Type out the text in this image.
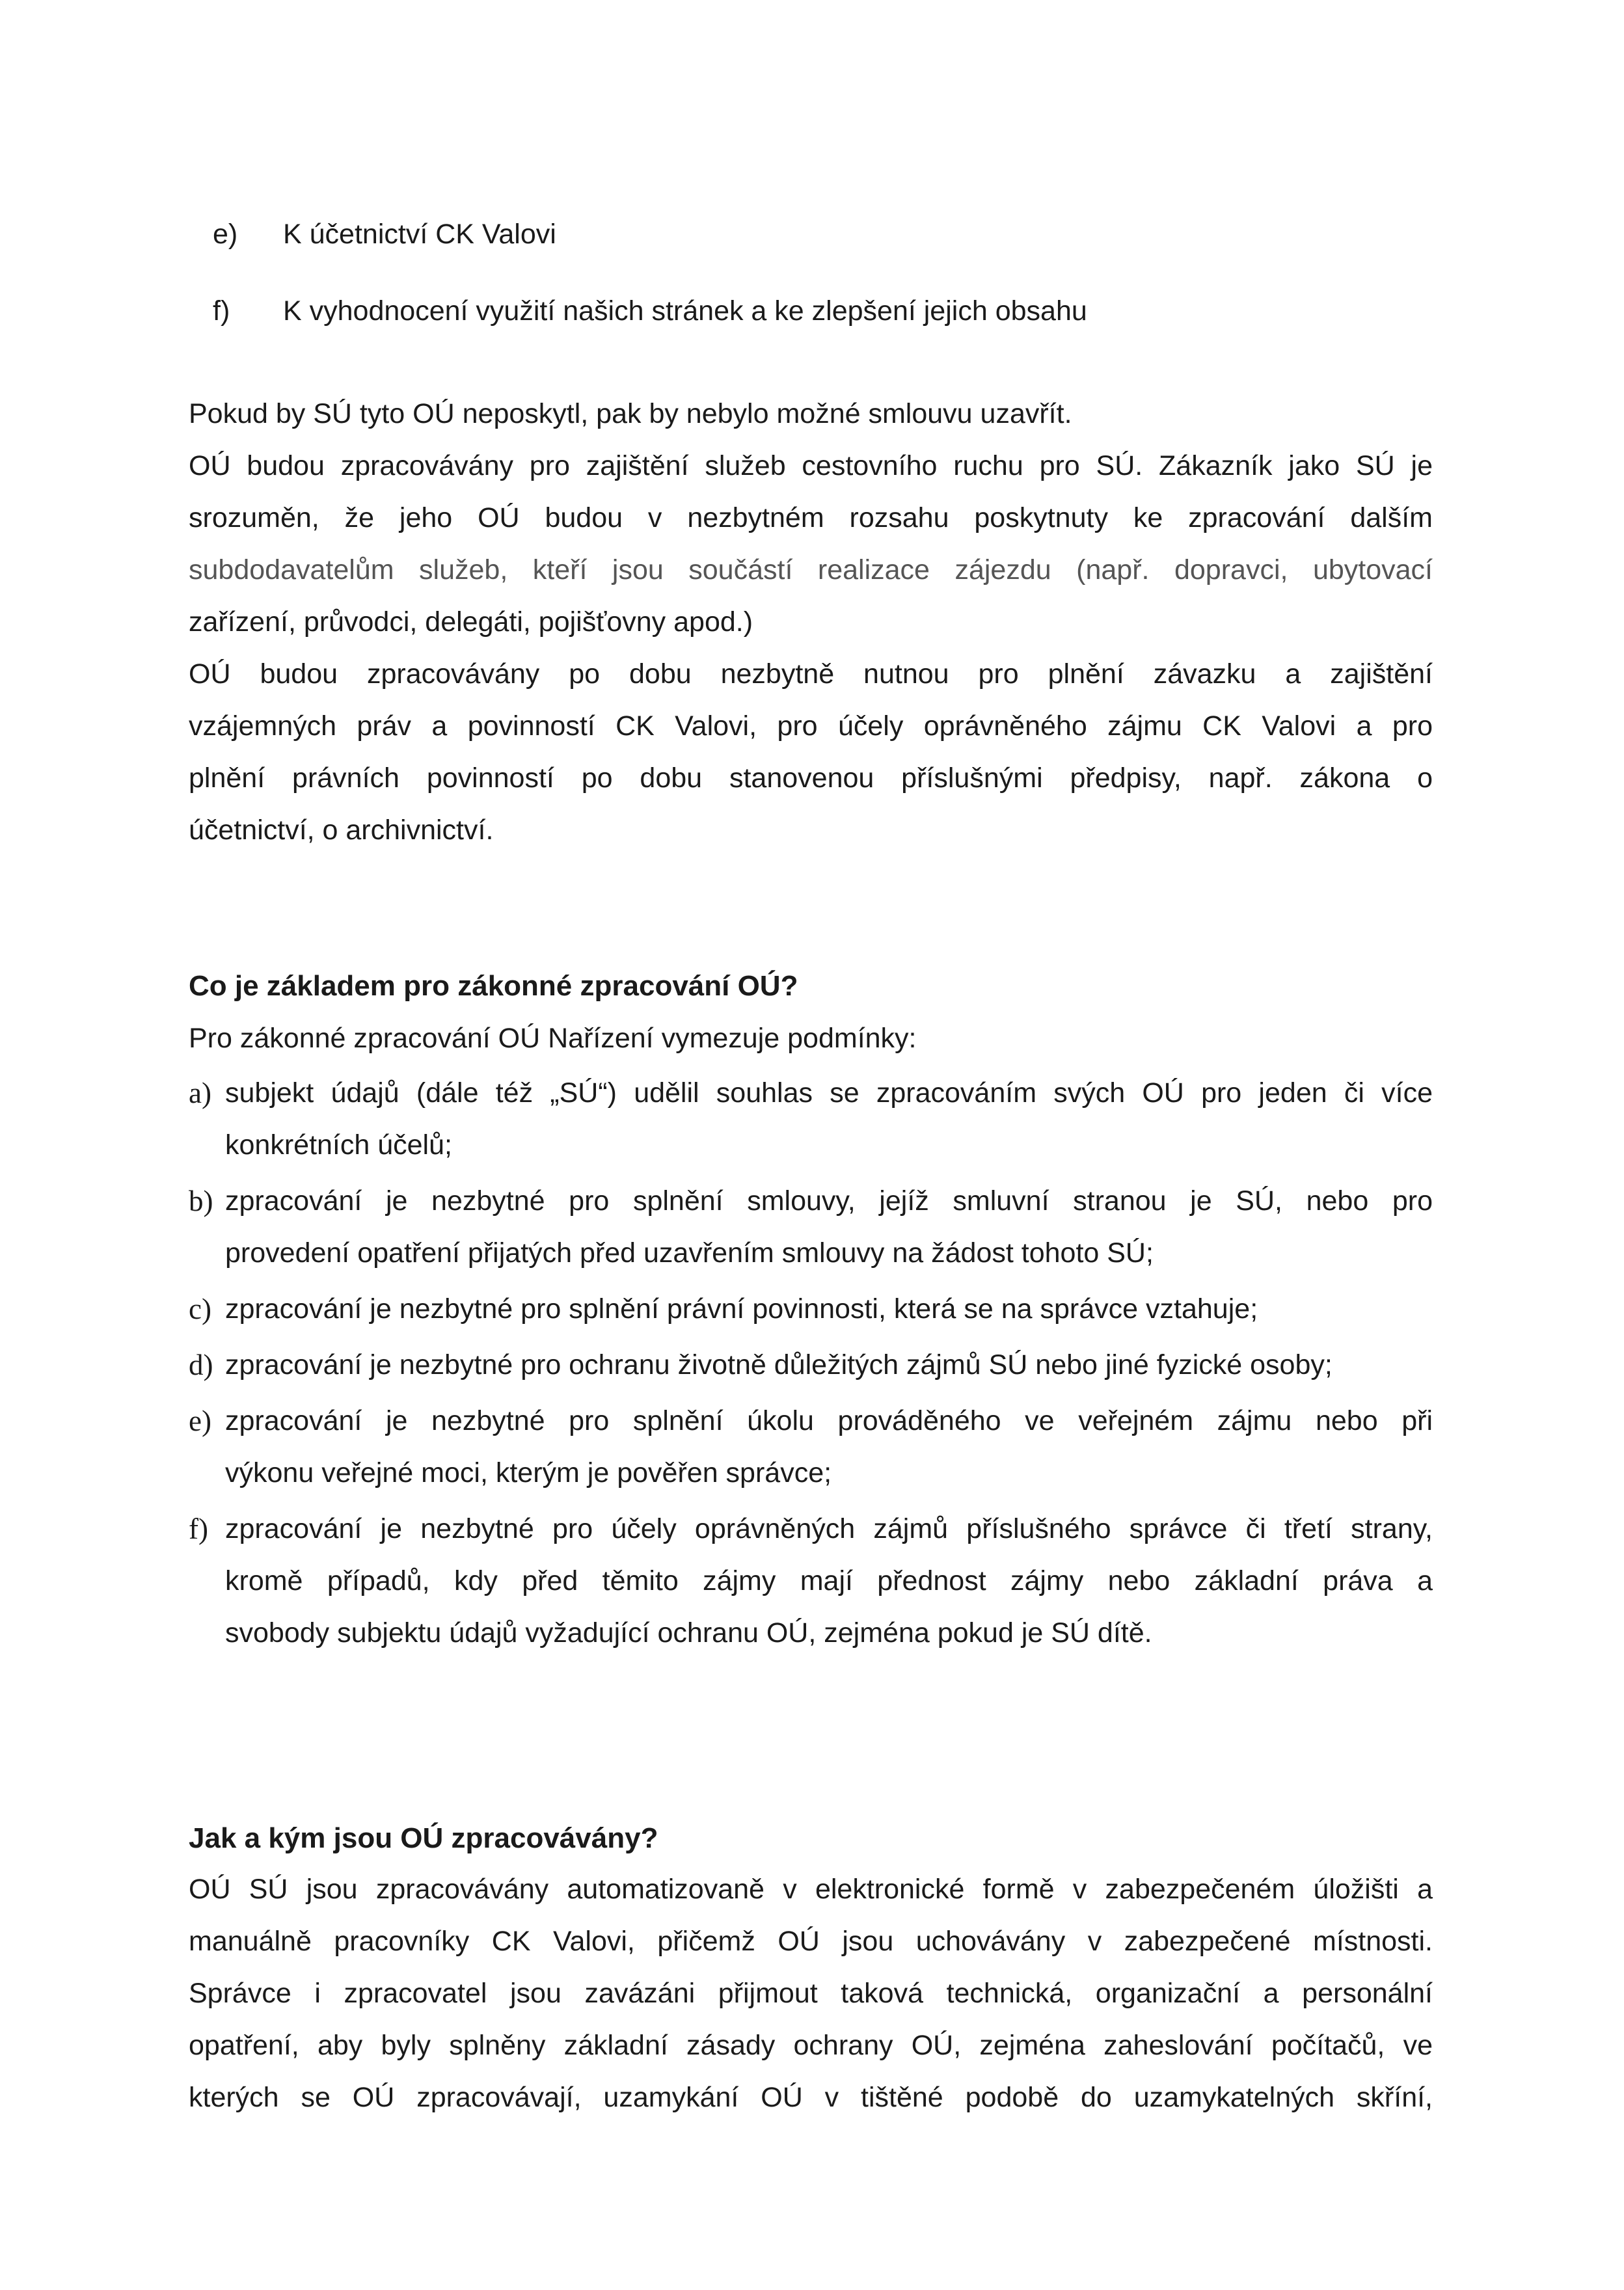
e) K účetnictví CK Valovi
f) K vyhodnocení využití našich stránek a ke zlepšení jejich obsahu
Pokud by SÚ tyto OÚ neposkytl, pak by nebylo možné smlouvu uzavřít.
OÚ budou zpracovávány pro zajištění služeb cestovního ruchu pro SÚ. Zákazník jako SÚ je
srozuměn, že jeho OÚ budou v nezbytném rozsahu poskytnuty ke zpracování dalším
subdodavatelům služeb, kteří jsou součástí realizace zájezdu (např. dopravci, ubytovací
zařízení, průvodci, delegáti, pojišťovny apod.)
OÚ budou zpracovávány po dobu nezbytně nutnou pro plnění závazku a zajištění
vzájemných práv a povinností CK Valovi, pro účely oprávněného zájmu CK Valovi a pro
plnění právních povinností po dobu stanovenou příslušnými předpisy, např. zákona o
účetnictví, o archivnictví.
Co je základem pro zákonné zpracování OÚ?
Pro zákonné zpracování OÚ Nařízení vymezuje podmínky:
a) subjekt údajů (dále též „SÚ“) udělil souhlas se zpracováním svých OÚ pro jeden či více
konkrétních účelů;
b) zpracování je nezbytné pro splnění smlouvy, jejíž smluvní stranou je SÚ, nebo pro
provedení opatření přijatých před uzavřením smlouvy na žádost tohoto SÚ;
c) zpracování je nezbytné pro splnění právní povinnosti, která se na správce vztahuje;
d) zpracování je nezbytné pro ochranu životně důležitých zájmů SÚ nebo jiné fyzické osoby;
e) zpracování je nezbytné pro splnění úkolu prováděného ve veřejném zájmu nebo při
výkonu veřejné moci, kterým je pověřen správce;
f) zpracování je nezbytné pro účely oprávněných zájmů příslušného správce či třetí strany,
kromě případů, kdy před těmito zájmy mají přednost zájmy nebo základní práva a
svobody subjektu údajů vyžadující ochranu OÚ, zejména pokud je SÚ dítě.
Jak a kým jsou OÚ zpracovávány?
OÚ SÚ jsou zpracovávány automatizovaně v elektronické formě v zabezpečeném úložišti a
manuálně pracovníky CK Valovi, přičemž OÚ jsou uchovávány v zabezpečené místnosti.
Správce i zpracovatel jsou zavázáni přijmout taková technická, organizační a personální
opatření, aby byly splněny základní zásady ochrany OÚ, zejména zaheslování počítačů, ve
kterých se OÚ zpracovávají, uzamykání OÚ v tištěné podobě do uzamykatelných skříní,
